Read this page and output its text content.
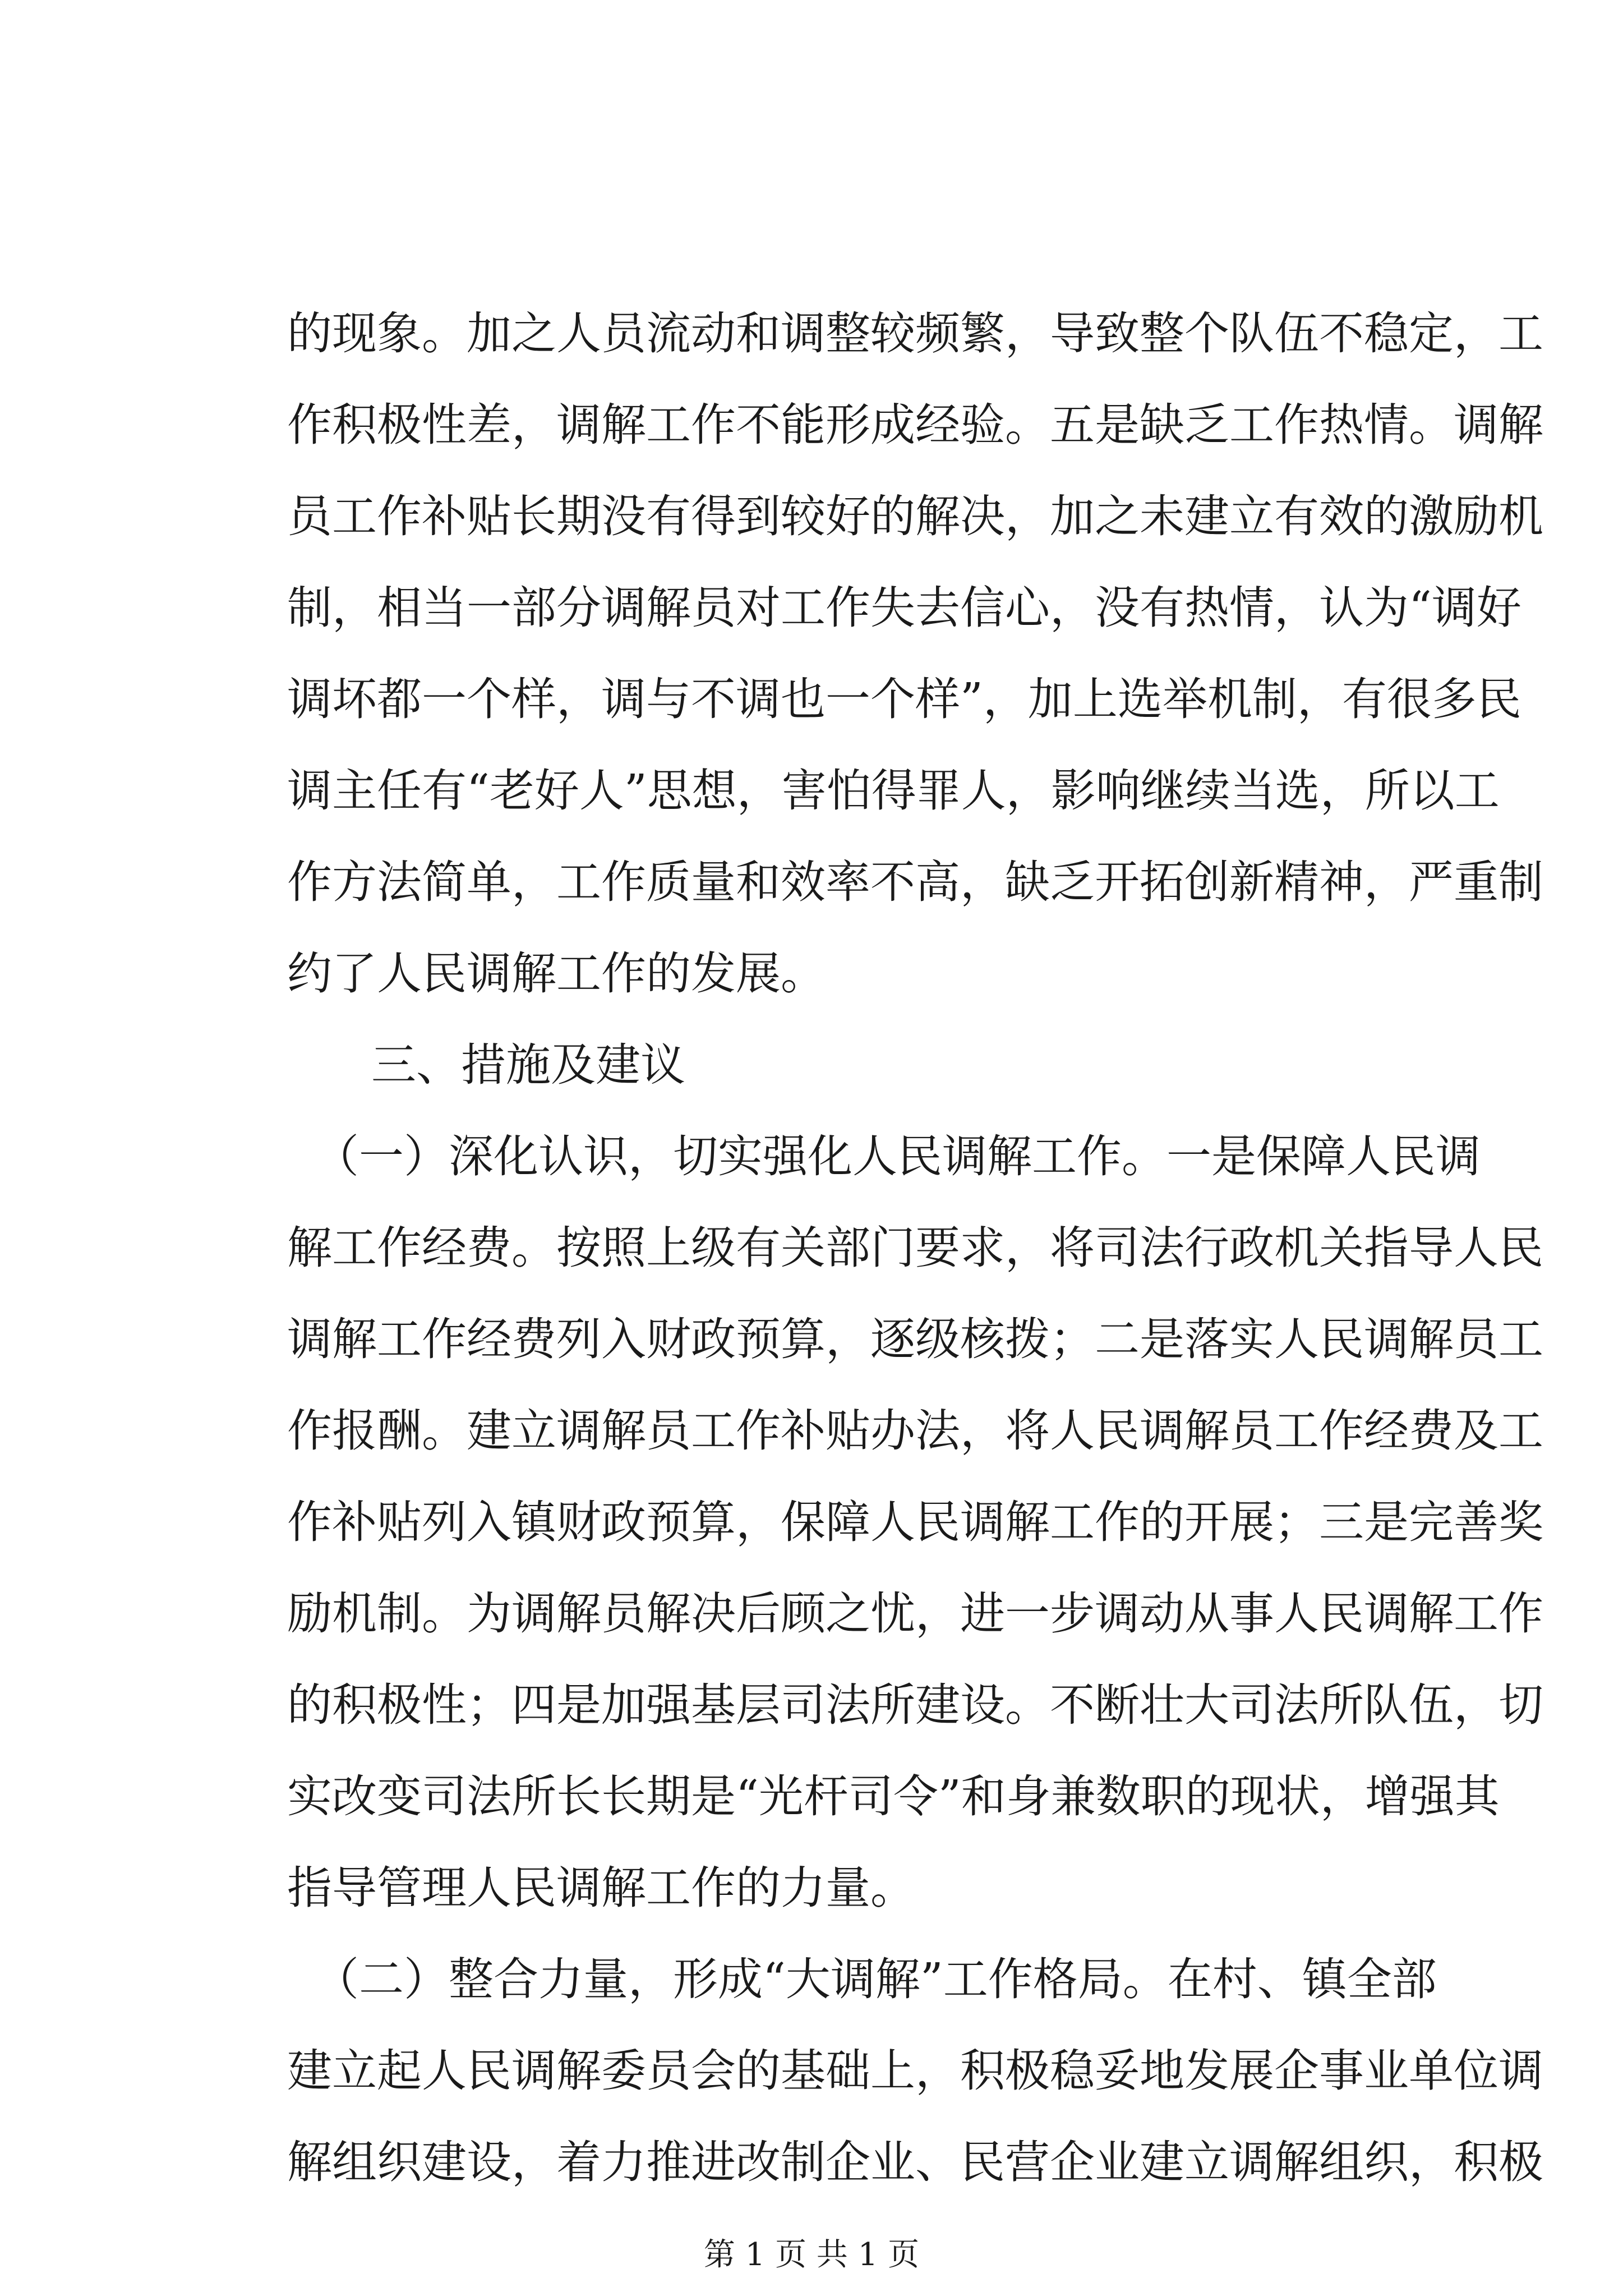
的现象。加之人员流动和调整较频繁，导致整个队伍不稳定，工
作积极性差，调解工作不能形成经验。五是缺乏工作热情。调解
员工作补贴长期没有得到较好的解决，加之未建立有效的激励机
制，相当一部分调解员对工作失去信心，没有热情，认为“调好
调坏都一个样，调与不调也一个样”，加上选举机制，有很多民
调主任有“老好人”思想，害怕得罪人，影响继续当选，所以工
作方法简单，工作质量和效率不高，缺乏开拓创新精神，严重制
约了人民调解工作的发展。
三、措施及建议
（一）深化认识，切实强化人民调解工作。一是保障人民调
解工作经费。按照上级有关部门要求，将司法行政机关指导人民
调解工作经费列入财政预算，逐级核拨；二是落实人民调解员工
作报酬。建立调解员工作补贴办法，将人民调解员工作经费及工
作补贴列入镇财政预算，保障人民调解工作的开展；三是完善奖
励机制。为调解员解决后顾之忧，进一步调动从事人民调解工作
的积极性；四是加强基层司法所建设。不断壮大司法所队伍，切
实改变司法所长长期是“光杆司令”和身兼数职的现状，增强其
指导管理人民调解工作的力量。
（二）整合力量，形成“大调解”工作格局。在村、镇全部
建立起人民调解委员会的基础上，积极稳妥地发展企事业单位调
解组织建设，着力推进改制企业、民营企业建立调解组织，积极
第 1 页 共 1 页
